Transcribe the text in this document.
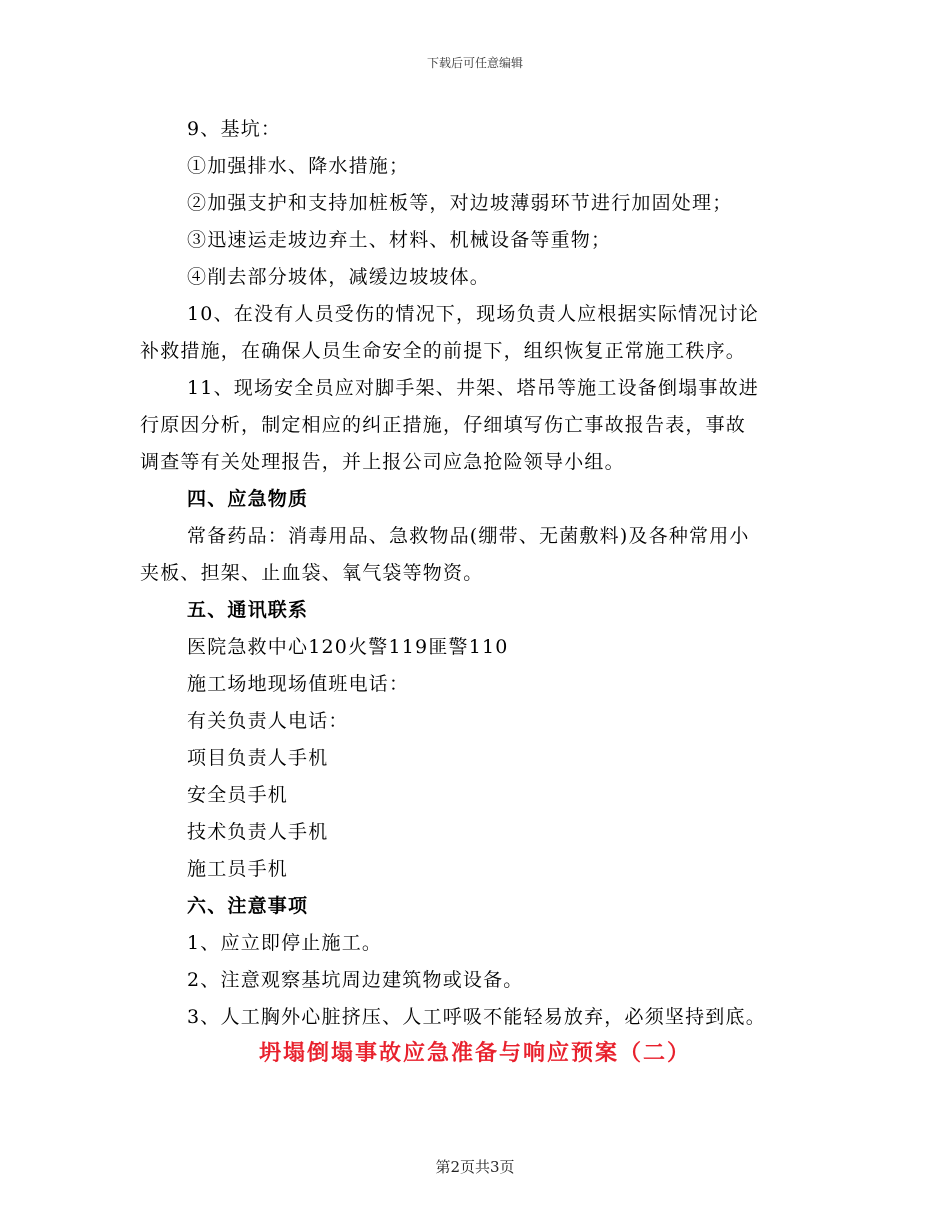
下载后可任意编辑
9、基坑：
①加强排水、降水措施；
②加强支护和支持加桩板等，对边坡薄弱环节进行加固处理；
③迅速运走坡边弃土、材料、机械设备等重物；
④削去部分坡体，减缓边坡坡体。
10、在没有人员受伤的情况下，现场负责人应根据实际情况讨论
补救措施，在确保人员生命安全的前提下，组织恢复正常施工秩序。
11、现场安全员应对脚手架、井架、塔吊等施工设备倒塌事故进
行原因分析，制定相应的纠正措施，仔细填写伤亡事故报告表，事故
调查等有关处理报告，并上报公司应急抢险领导小组。
四、应急物质
常备药品：消毒用品、急救物品(绷带、无菌敷料)及各种常用小
夹板、担架、止血袋、氧气袋等物资。
五、通讯联系
医院急救中心120火警119匪警110
施工场地现场值班电话：
有关负责人电话：
项目负责人手机
安全员手机
技术负责人手机
施工员手机
六、注意事项
1、应立即停止施工。
2、注意观察基坑周边建筑物或设备。
3、人工胸外心脏挤压、人工呼吸不能轻易放弃，必须坚持到底。
坍塌倒塌事故应急准备与响应预案（二）
第2页共3页
